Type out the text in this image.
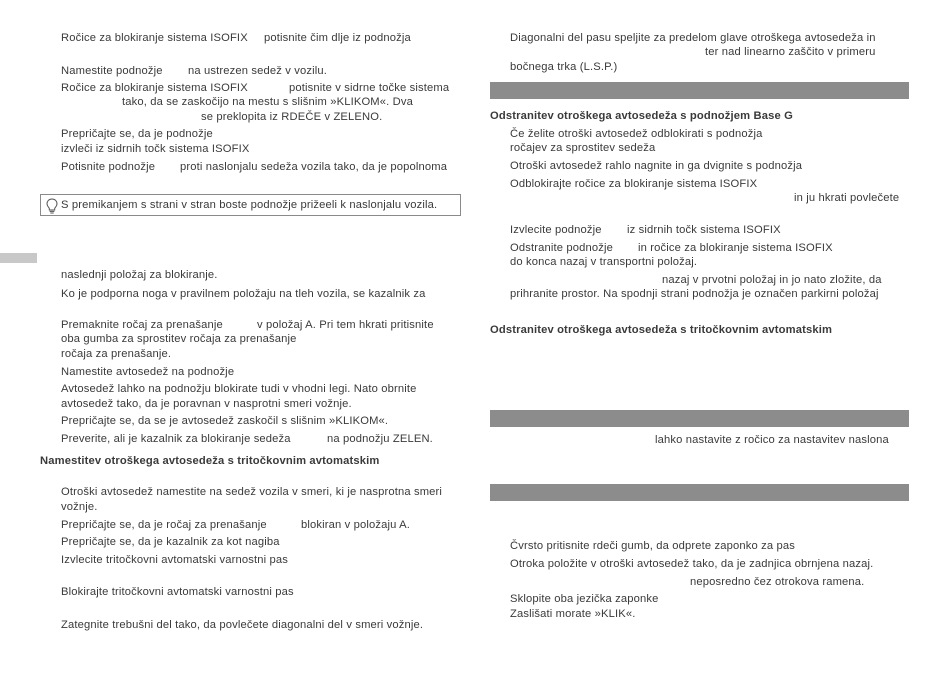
Ročice za blokiranje sistema ISOFIX potisnite čim dlje iz podnožja
Namestite podnožje na ustrezen sedež v vozilu.
Ročice za blokiranje sistema ISOFIX	potisnite v sidrne točke sistema
tako, da se zaskočijo na mestu s slišnim »KLIKOM«. Dva
se preklopita iz RDEČE v ZELENO.
Prepričajte se, da je podnožje
izvleči iz sidrnih točk sistema ISOFIX
Potisnite podnožje proti naslonjalu sedeža vozila tako, da je popolnoma
S premikanjem s strani v stran boste podnožje prižeeli k naslonjalu vozila.
naslednji položaj za blokiranje.
Ko je podporna noga v pravilnem položaju na tleh vozila, se kazalnik za
Premaknite ročaj za prenašanje	v položaj A. Pri tem hkrati pritisnite
oba gumba za sprostitev ročaja za prenašanje
ročaja za prenašanje.
Namestite avtosedež na podnožje
Avtosedež lahko na podnožju blokirate tudi v vhodni legi. Nato obrnite
avtosedež tako, da je poravnan v nasprotni smeri vožnje.
Prepričajte se, da se je avtosedež zaskočil s slišnim »KLIKOM«.
Preverite, ali je kazalnik za blokiranje sedeža	na podnožju ZELEN.
Namestitev otroškega avtosedeža s tritočkovnim avtomatskim
Otroški avtosedež namestite na sedež vozila v smeri, ki je nasprotna smeri
vožnje.
Prepričajte se, da je ročaj za prenašanje	blokiran v položaju A.
Prepričajte se, da je kazalnik za kot nagiba
Izvlecite tritočkovni avtomatski varnostni pas
Blokirajte tritočkovni avtomatski varnostni pas
Zategnite trebušni del tako, da povlečete diagonalni del v smeri vožnje.
Diagonalni del pasu speljite za predelom glave otroškega avtosedeža in
ter nad linearno zaščito v primeru
bočnega trka (L.S.P.)
Odstranitev otroškega avtosedeža s podnožjem Base G
Če želite otroški avtosedež odblokirati s podnožja
ročajev za sprostitev sedeža
Otroški avtosedež rahlo nagnite in ga dvignite s podnožja
Odblokirajte ročice za blokiranje sistema ISOFIX
in ju hkrati povlečete
Izvlecite podnožje iz sidrnih točk sistema ISOFIX
Odstranite podnožje in ročice za blokiranje sistema ISOFIX
do konca nazaj v transportni položaj.
nazaj v prvotni položaj in jo nato zložite, da
prihranite prostor. Na spodnji strani podnožja je označen parkirni položaj
Odstranitev otroškega avtosedeža s tritočkovnim avtomatskim
lahko nastavite z ročico za nastavitev naslona
Čvrsto pritisnite rdeči gumb, da odprete zaponko za pas
Otroka položite v otroški avtosedež tako, da je zadnjica obrnjena nazaj.
neposredno čez otrokova ramena.
Sklopite oba jezička zaponke
Zaslišati morate »KLIK«.
